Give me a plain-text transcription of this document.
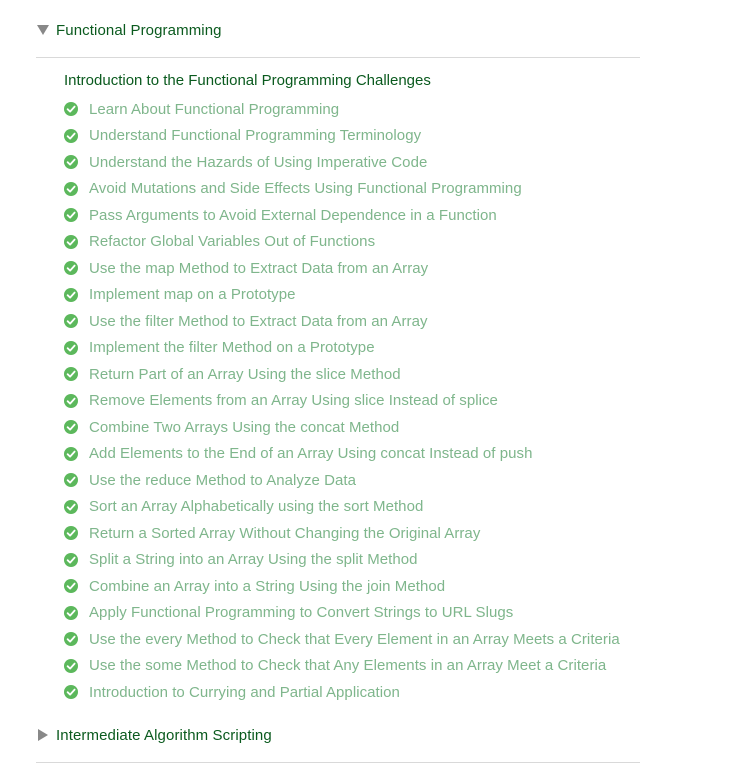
Functional Programming
Introduction to the Functional Programming Challenges
Learn About Functional Programming
Understand Functional Programming Terminology
Understand the Hazards of Using Imperative Code
Avoid Mutations and Side Effects Using Functional Programming
Pass Arguments to Avoid External Dependence in a Function
Refactor Global Variables Out of Functions
Use the map Method to Extract Data from an Array
Implement map on a Prototype
Use the filter Method to Extract Data from an Array
Implement the filter Method on a Prototype
Return Part of an Array Using the slice Method
Remove Elements from an Array Using slice Instead of splice
Combine Two Arrays Using the concat Method
Add Elements to the End of an Array Using concat Instead of push
Use the reduce Method to Analyze Data
Sort an Array Alphabetically using the sort Method
Return a Sorted Array Without Changing the Original Array
Split a String into an Array Using the split Method
Combine an Array into a String Using the join Method
Apply Functional Programming to Convert Strings to URL Slugs
Use the every Method to Check that Every Element in an Array Meets a Criteria
Use the some Method to Check that Any Elements in an Array Meet a Criteria
Introduction to Currying and Partial Application
Intermediate Algorithm Scripting
